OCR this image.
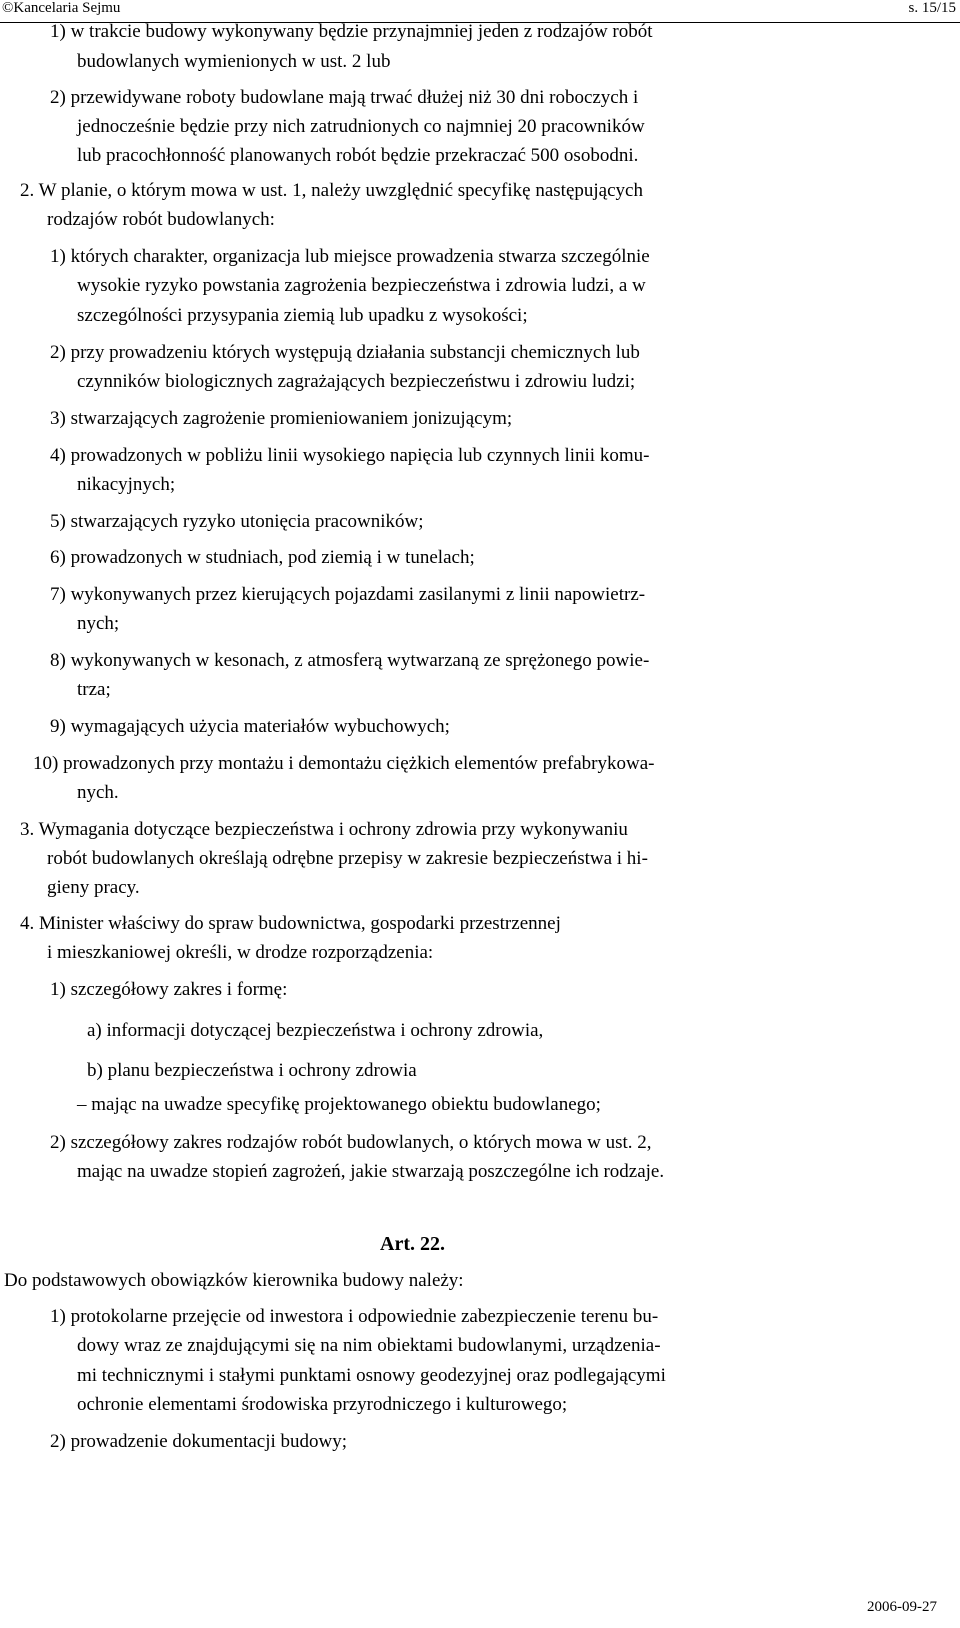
©Kancelaria Sejmu	s. 15/15
1) w trakcie budowy wykonywany będzie przynajmniej jeden z rodzajów robót
budowlanych wymienionych w ust. 2 lub
2) przewidywane roboty budowlane mają trwać dłużej niż 30 dni roboczych i
jednocześnie będzie przy nich zatrudnionych co najmniej 20 pracowników
lub pracochłonność planowanych robót będzie przekraczać 500 osobodni.
2. W planie, o którym mowa w ust. 1, należy uwzględnić specyfikę następujących
rodzajów robót budowlanych:
1) których charakter, organizacja lub miejsce prowadzenia stwarza szczególnie
wysokie ryzyko powstania zagrożenia bezpieczeństwa i zdrowia ludzi, a w
szczególności przysypania ziemią lub upadku z wysokości;
2) przy prowadzeniu których występują działania substancji chemicznych lub
czynników biologicznych zagrażających bezpieczeństwu i zdrowiu ludzi;
3) stwarzających zagrożenie promieniowaniem jonizującym;
4) prowadzonych w pobliżu linii wysokiego napięcia lub czynnych linii komu-
nikacyjnych;
5) stwarzających ryzyko utonięcia pracowników;
6) prowadzonych w studniach, pod ziemią i w tunelach;
7) wykonywanych przez kierujących pojazdami zasilanymi z linii napowietrz-
nych;
8) wykonywanych w kesonach, z atmosferą wytwarzaną ze sprężonego powie-
trza;
9) wymagających użycia materiałów wybuchowych;
10) prowadzonych przy montażu i demontażu ciężkich elementów prefabrykowa-
nych.
3. Wymagania dotyczące bezpieczeństwa i ochrony zdrowia przy wykonywaniu
robót budowlanych określają odrębne przepisy w zakresie bezpieczeństwa i hi-
gieny pracy.
4. Minister właściwy do spraw budownictwa, gospodarki przestrzennej
i mieszkaniowej określi, w drodze rozporządzenia:
1) szczegółowy zakres i formę:
a) informacji dotyczącej bezpieczeństwa i ochrony zdrowia,
b) planu bezpieczeństwa i ochrony zdrowia
– mając na uwadze specyfikę projektowanego obiektu budowlanego;
2) szczegółowy zakres rodzajów robót budowlanych, o których mowa w ust. 2,
mając na uwadze stopień zagrożeń, jakie stwarzają poszczególne ich rodzaje.
Art. 22.
Do podstawowych obowiązków kierownika budowy należy:
1) protokolarne przejęcie od inwestora i odpowiednie zabezpieczenie terenu bu-
dowy wraz ze znajdującymi się na nim obiektami budowlanymi, urządzenia-
mi technicznymi i stałymi punktami osnowy geodezyjnej oraz podlegającymi
ochronie elementami środowiska przyrodniczego i kulturowego;
2) prowadzenie dokumentacji budowy;
2006-09-27
